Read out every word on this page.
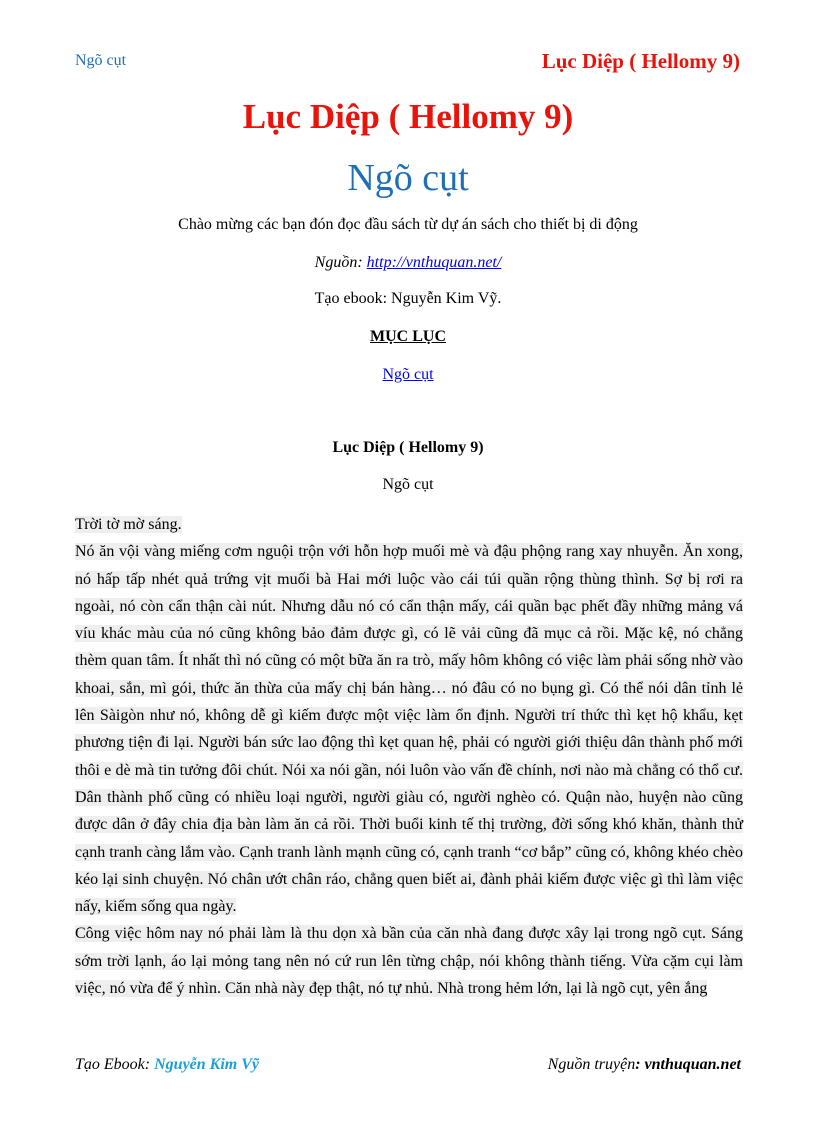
Ngõ cụt	Lục Diệp ( Hellomy 9)
Lục Diệp ( Hellomy 9)
Ngõ cụt
Chào mừng các bạn đón đọc đầu sách từ dự án sách cho thiết bị di động
Nguồn: http://vnthuquan.net/
Tạo ebook: Nguyễn Kim Vỹ.
MỤC LỤC
Ngõ cụt
Lục Diệp ( Hellomy 9)
Ngõ cụt

Trời tờ mờ sáng.

Nó ăn vội vàng miếng cơm nguội trộn với hỗn hợp muối mè và đậu phộng rang xay nhuyễn. Ăn xong, nó hấp tấp nhét quả trứng vịt muối bà Hai mới luộc vào cái túi quần rộng thùng thình. Sợ bị rơi ra ngoài, nó còn cẩn thận cài nút. Nhưng dẫu nó có cẩn thận mấy, cái quần bạc phết đầy những mảng vá víu khác màu của nó cũng không bảo đảm được gì, có lẽ vải cũng đã mục cả rồi. Mặc kệ, nó chẳng thèm quan tâm. Ít nhất thì nó cũng có một bữa ăn ra trò, mấy hôm không có việc làm phải sống nhờ vào khoai, sắn, mì gói, thức ăn thừa của mấy chị bán hàng… nó đâu có no bụng gì. Có thể nói dân tỉnh lẻ lên Sàigòn như nó, không dễ gì kiếm được một việc làm ổn định. Người trí thức thì kẹt hộ khẩu, kẹt phương tiện đi lại. Người bán sức lao động thì kẹt quan hệ, phải có người giới thiệu dân thành phố mới thôi e dè mà tin tưởng đôi chút. Nói xa nói gần, nói luôn vào vấn đề chính, nơi nào mà chẳng có thổ cư. Dân thành phố cũng có nhiều loại người, người giàu có, người nghèo có. Quận nào, huyện nào cũng được dân ở đây chia địa bàn làm ăn cả rồi. Thời buổi kinh tế thị trường, đời sống khó khăn, thành thử cạnh tranh càng lắm vào. Cạnh tranh lành mạnh cũng có, cạnh tranh “cơ bắp” cũng có, không khéo chèo kéo lại sinh chuyện. Nó chân ướt chân ráo, chẳng quen biết ai, đành phải kiếm được việc gì thì làm việc nấy, kiếm sống qua ngày.

Công việc hôm nay nó phải làm là thu dọn xà bần của căn nhà đang được xây lại trong ngõ cụt. Sáng sớm trời lạnh, áo lại mỏng tang nên nó cứ run lên từng chập, nói không thành tiếng. Vừa cặm cụi làm việc, nó vừa để ý nhìn. Căn nhà này đẹp thật, nó tự nhủ. Nhà trong hẻm lớn, lại là ngõ cụt, yên ắng

Tạo Ebook: Nguyễn Kim Vỹ	Nguồn truyện: vnthuquan.net
